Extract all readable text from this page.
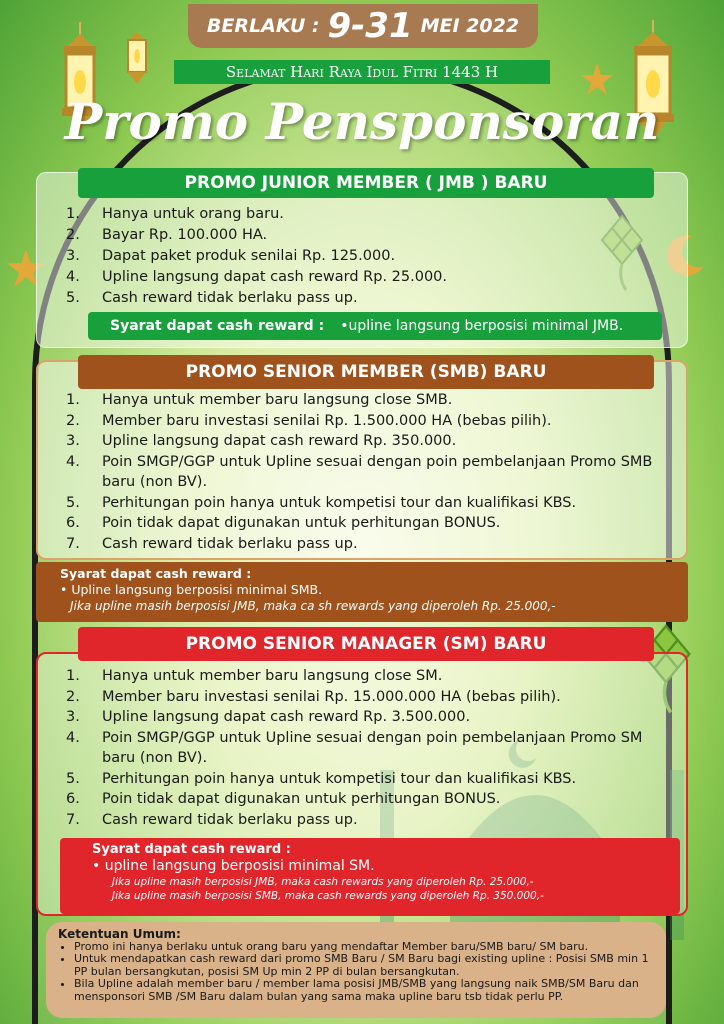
BERLAKU : 9-31 MEI 2022
Selamat Hari Raya Idul Fitri 1443 H
Promo Pensponsoran
PROMO JUNIOR MEMBER ( JMB ) BARU
1.	Hanya untuk orang baru.
2.	Bayar Rp. 100.000 HA.
3.	Dapat paket produk senilai Rp. 125.000.
4.	Upline langsung dapat cash reward Rp. 25.000.
5.	Cash reward tidak berlaku pass up.
Syarat dapat cash reward : •upline langsung berposisi minimal JMB.
PROMO SENIOR MEMBER (SMB) BARU
1.	Hanya untuk member baru langsung close SMB.
2.	Member baru investasi senilai Rp. 1.500.000 HA (bebas pilih).
3.	Upline langsung dapat cash reward Rp. 350.000.
4.	Poin SMGP/GGP untuk Upline sesuai dengan poin pembelanjaan Promo SMB baru (non BV).
5.	Perhitungan poin hanya untuk kompetisi tour dan kualifikasi KBS.
6.	Poin tidak dapat digunakan untuk perhitungan BONUS.
7.	Cash reward tidak berlaku pass up.
Syarat dapat cash reward :
• Upline langsung berposisi minimal SMB.
Jika upline masih berposisi JMB, maka ca sh rewards yang diperoleh Rp. 25.000,-
PROMO SENIOR MANAGER (SM) BARU
1.	Hanya untuk member baru langsung close SM.
2.	Member baru investasi senilai Rp. 15.000.000 HA (bebas pilih).
3.	Upline langsung dapat cash reward Rp. 3.500.000.
4.	Poin SMGP/GGP untuk Upline sesuai dengan poin pembelanjaan Promo SM baru (non BV).
5.	Perhitungan poin hanya untuk kompetisi tour dan kualifikasi KBS.
6.	Poin tidak dapat digunakan untuk perhitungan BONUS.
7.	Cash reward tidak berlaku pass up.
Syarat dapat cash reward :
• upline langsung berposisi minimal SM.
Jika upline masih berposisi JMB, maka cash rewards yang diperoleh Rp. 25.000,-
Jika upline masih berposisi SMB, maka cash rewards yang diperoleh Rp. 350.000,-
Ketentuan Umum:
• Promo ini hanya berlaku untuk orang baru yang mendaftar Member baru/SMB baru/ SM baru.
• Untuk mendapatkan cash reward dari promo SMB Baru / SM Baru bagi existing upline : Posisi SMB min 1 PP bulan bersangkutan, posisi SM Up min 2 PP di bulan bersangkutan.
• Bila Upline adalah member baru / member lama posisi JMB/SMB yang langsung naik SMB/SM Baru dan mensponsori SMB /SM Baru dalam bulan yang sama maka upline baru tsb tidak perlu PP.
